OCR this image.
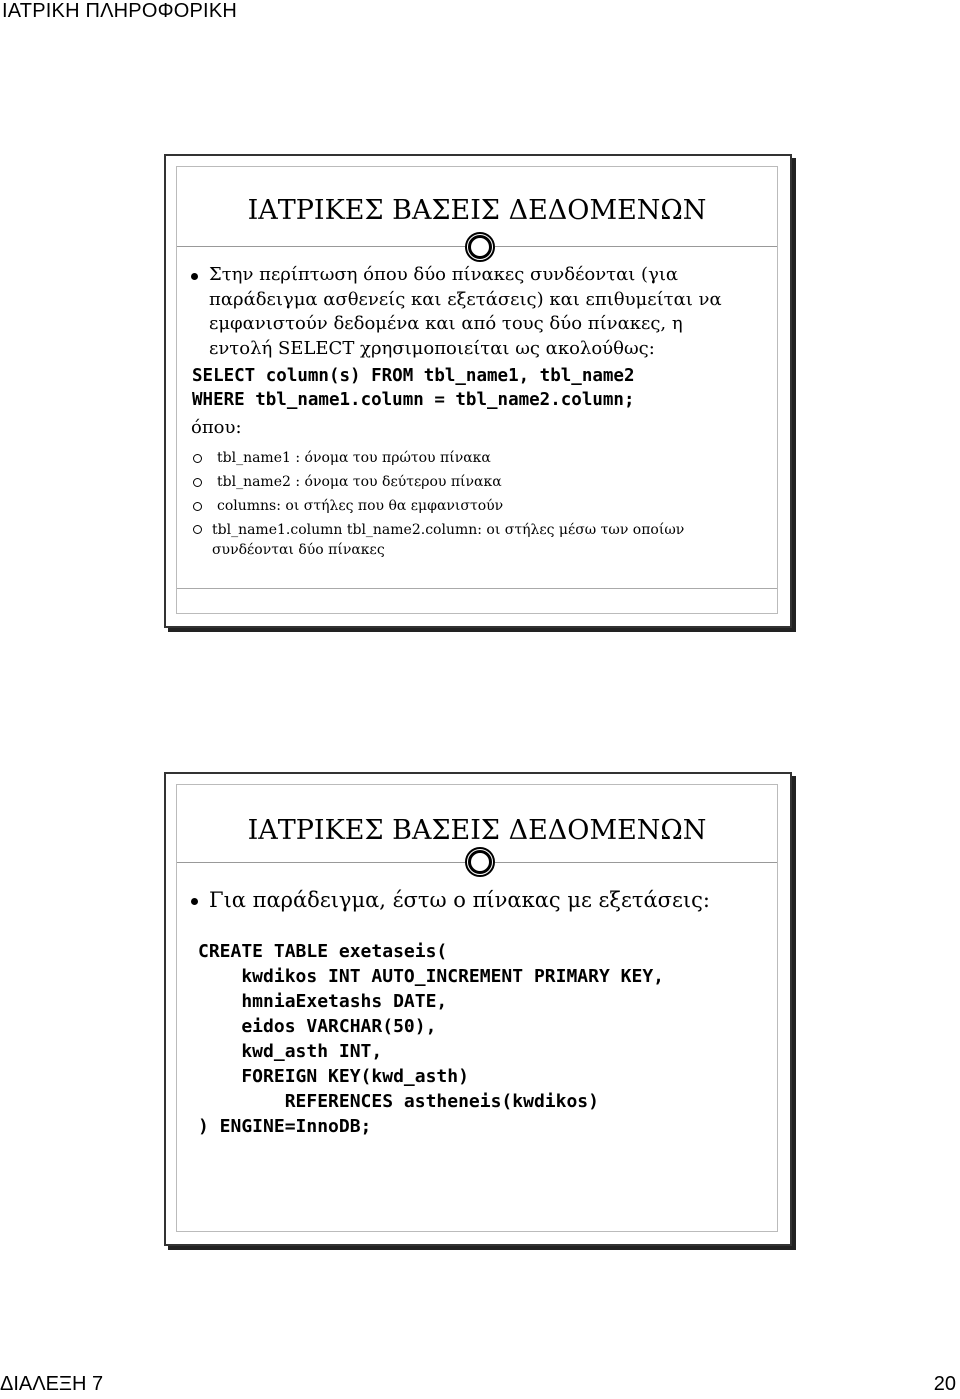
ΙΑΤΡΙΚΗ ΠΛΗΡΟΦΟΡΙΚΗ
ΙΑΤΡΙΚΕΣ ΒΑΣΕΙΣ ΔΕΔΟΜΕΝΩΝ
Στην περίπτωση όπου δύο πίνακες συνδέονται (για παράδειγμα ασθενείς και εξετάσεις) και επιθυμείται να εμφανιστούν δεδομένα και από τους δύο πίνακες, η εντολή SELECT χρησιμοποιείται ως ακολούθως:
SELECT column(s) FROM tbl_name1, tbl_name2
WHERE tbl_name1.column = tbl_name2.column;
όπου:
tbl_name1 : όνομα του πρώτου πίνακα
tbl_name2 : όνομα του δεύτερου πίνακα
columns: οι στήλες που θα εμφανιστούν
tbl_name1.column tbl_name2.column: οι στήλες μέσω των οποίων συνδέονται δύο πίνακες
ΙΑΤΡΙΚΕΣ ΒΑΣΕΙΣ ΔΕΔΟΜΕΝΩΝ
Για παράδειγμα, έστω ο πίνακας με εξετάσεις:
CREATE TABLE exetaseis(
kwdikos INT AUTO_INCREMENT PRIMARY KEY,
hmniaExetashs DATE,
eidos VARCHAR(50),
kwd_asth INT,
FOREIGN KEY(kwd_asth)
REFERENCES astheneis(kwdikos)
) ENGINE=InnoDB;
ΔΙΑΛΕΞΗ 7	20
